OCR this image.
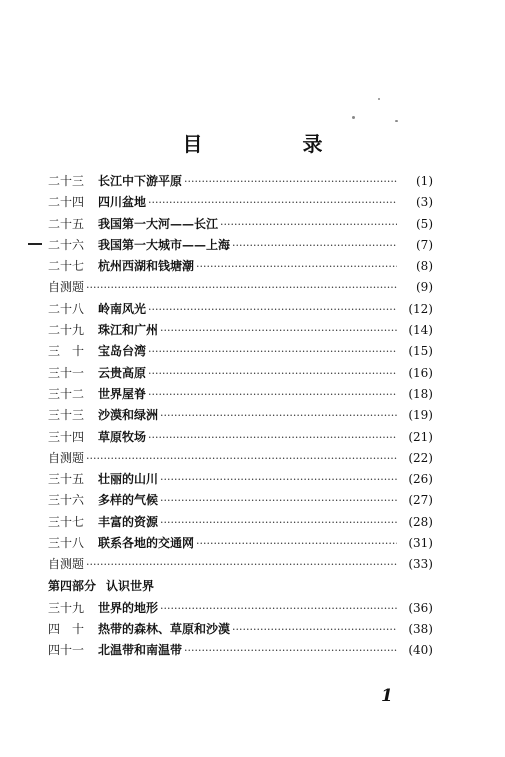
目	录
二十三	长江中下游平原 ·····	(1)
二十四	四川盆地 ·····	(3)
二十五	我国第一大河——长江 ·····	(5)
二十六	我国第一大城市——上海 ·····	(7)
二十七	杭州西湖和钱塘潮 ·····	(8)
自测题 ·····	(9)
二十八	岭南风光 ·····	(12)
二十九	珠江和广州 ·····	(14)
三　十	宝岛台湾 ·····	(15)
三十一	云贵高原 ·····	(16)
三十二	世界屋脊 ·····	(18)
三十三	沙漠和绿洲 ·····	(19)
三十四	草原牧场 ·····	(21)
自测题 ·····	(22)
三十五	壮丽的山川 ·····	(26)
三十六	多样的气候 ·····	(27)
三十七	丰富的资源 ·····	(28)
三十八	联系各地的交通网 ·····	(31)
自测题 ·····	(33)
第四部分 认识世界
三十九	世界的地形 ·····	(36)
四　十	热带的森林、草原和沙漠 ·····	(38)
四十一	北温带和南温带 ·····	(40)
1
